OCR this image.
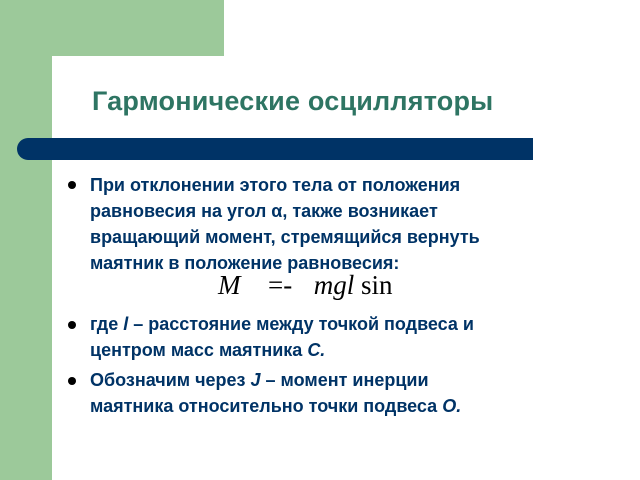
Гармонические осцилляторы
При отклонении этого тела от положения
равновесия на угол α, также возникает
вращающий момент, стремящийся вернуть
маятник в положение равновесия:
M =- mgl sin
где l – расстояние между точкой подвеса и
центром масс маятника C.
Обозначим через J – момент инерции
маятника относительно точки подвеса O.
